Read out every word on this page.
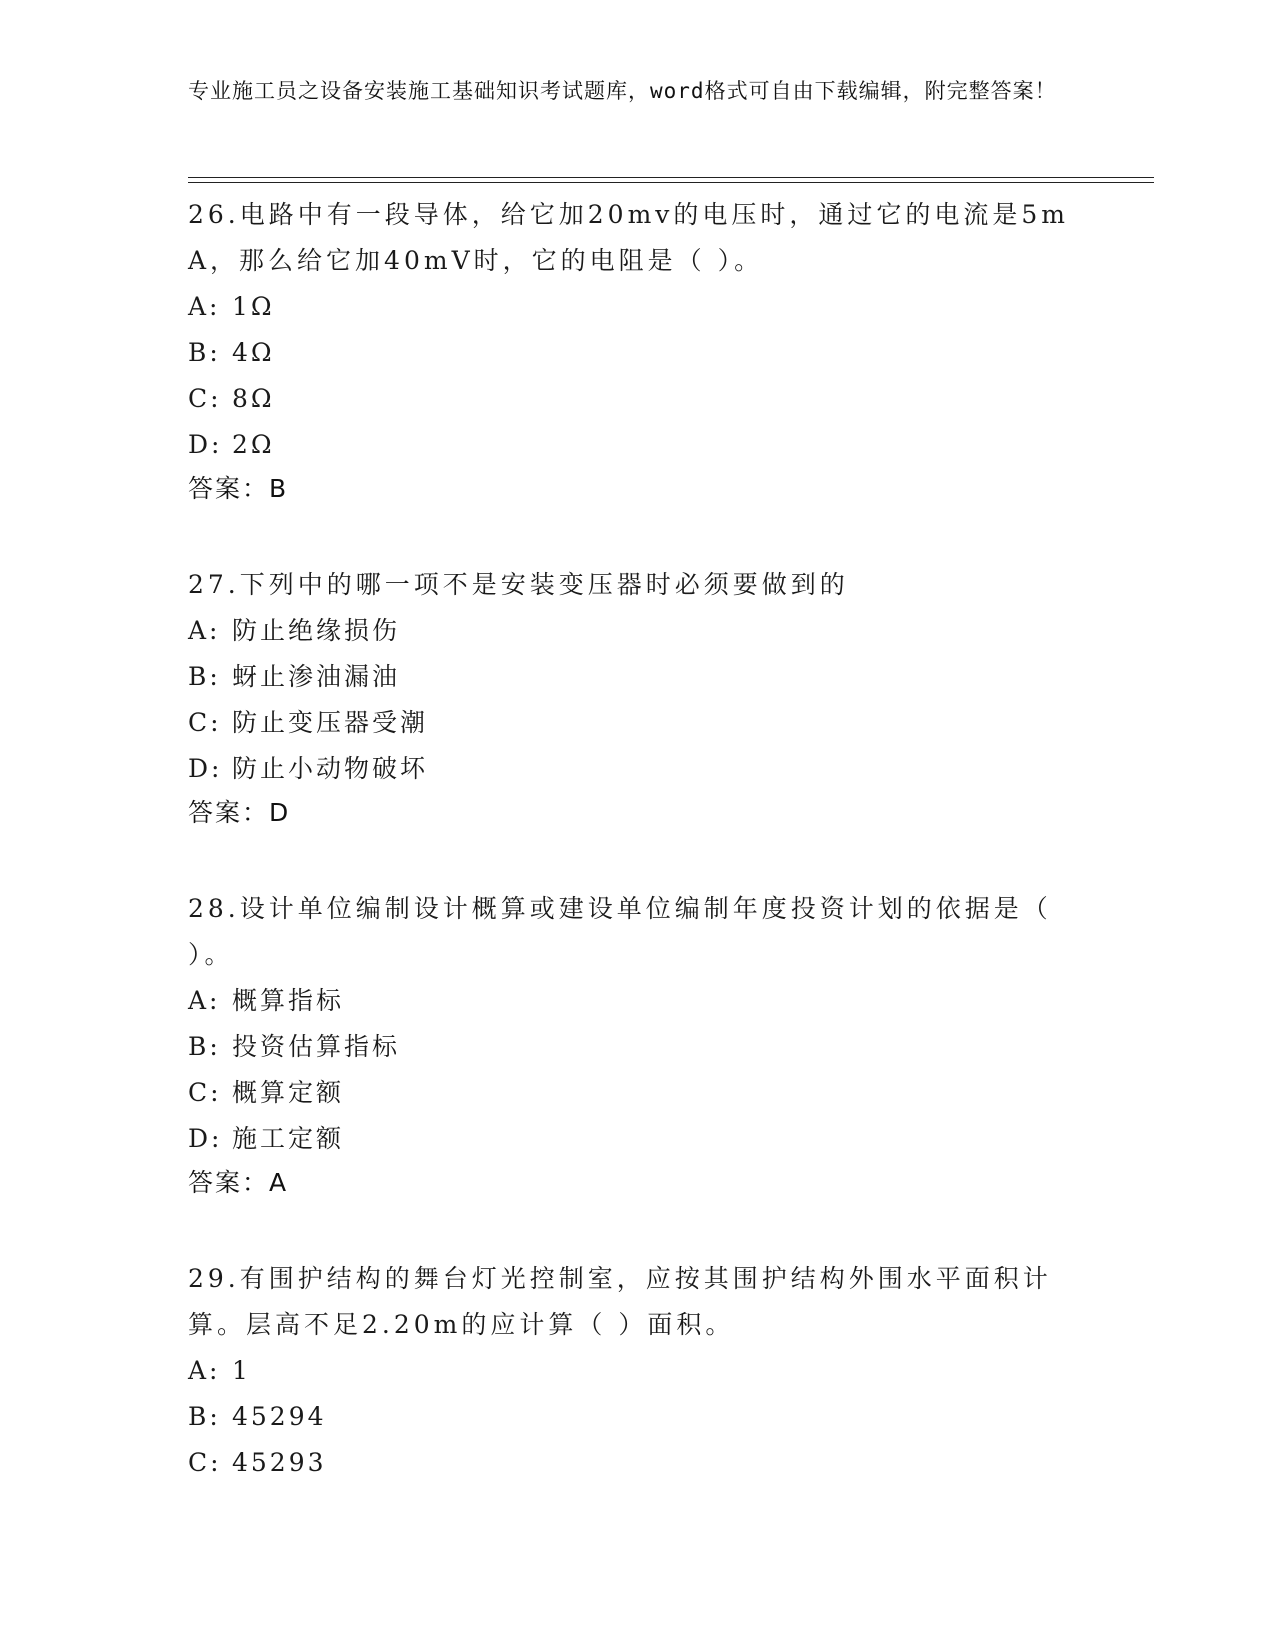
专业施工员之设备安装施工基础知识考试题库，word格式可自由下载编辑，附完整答案！
26.电路中有一段导体，给它加20mv的电压时，通过它的电流是5mA，那么给它加40mV时，它的电阻是（ ）。
A: 1Ω
B: 4Ω
C: 8Ω
D: 2Ω
答案：B
27.下列中的哪一项不是安装变压器时必须要做到的
A: 防止绝缘损伤
B: 蚜止渗油漏油
C: 防止变压器受潮
D: 防止小动物破坏
答案：D
28.设计单位编制设计概算或建设单位编制年度投资计划的依据是（ ）。
A: 概算指标
B: 投资估算指标
C: 概算定额
D: 施工定额
答案：A
29.有围护结构的舞台灯光控制室，应按其围护结构外围水平面积计算。层高不足2.20m的应计算（ ）面积。
A: 1
B: 45294
C: 45293
